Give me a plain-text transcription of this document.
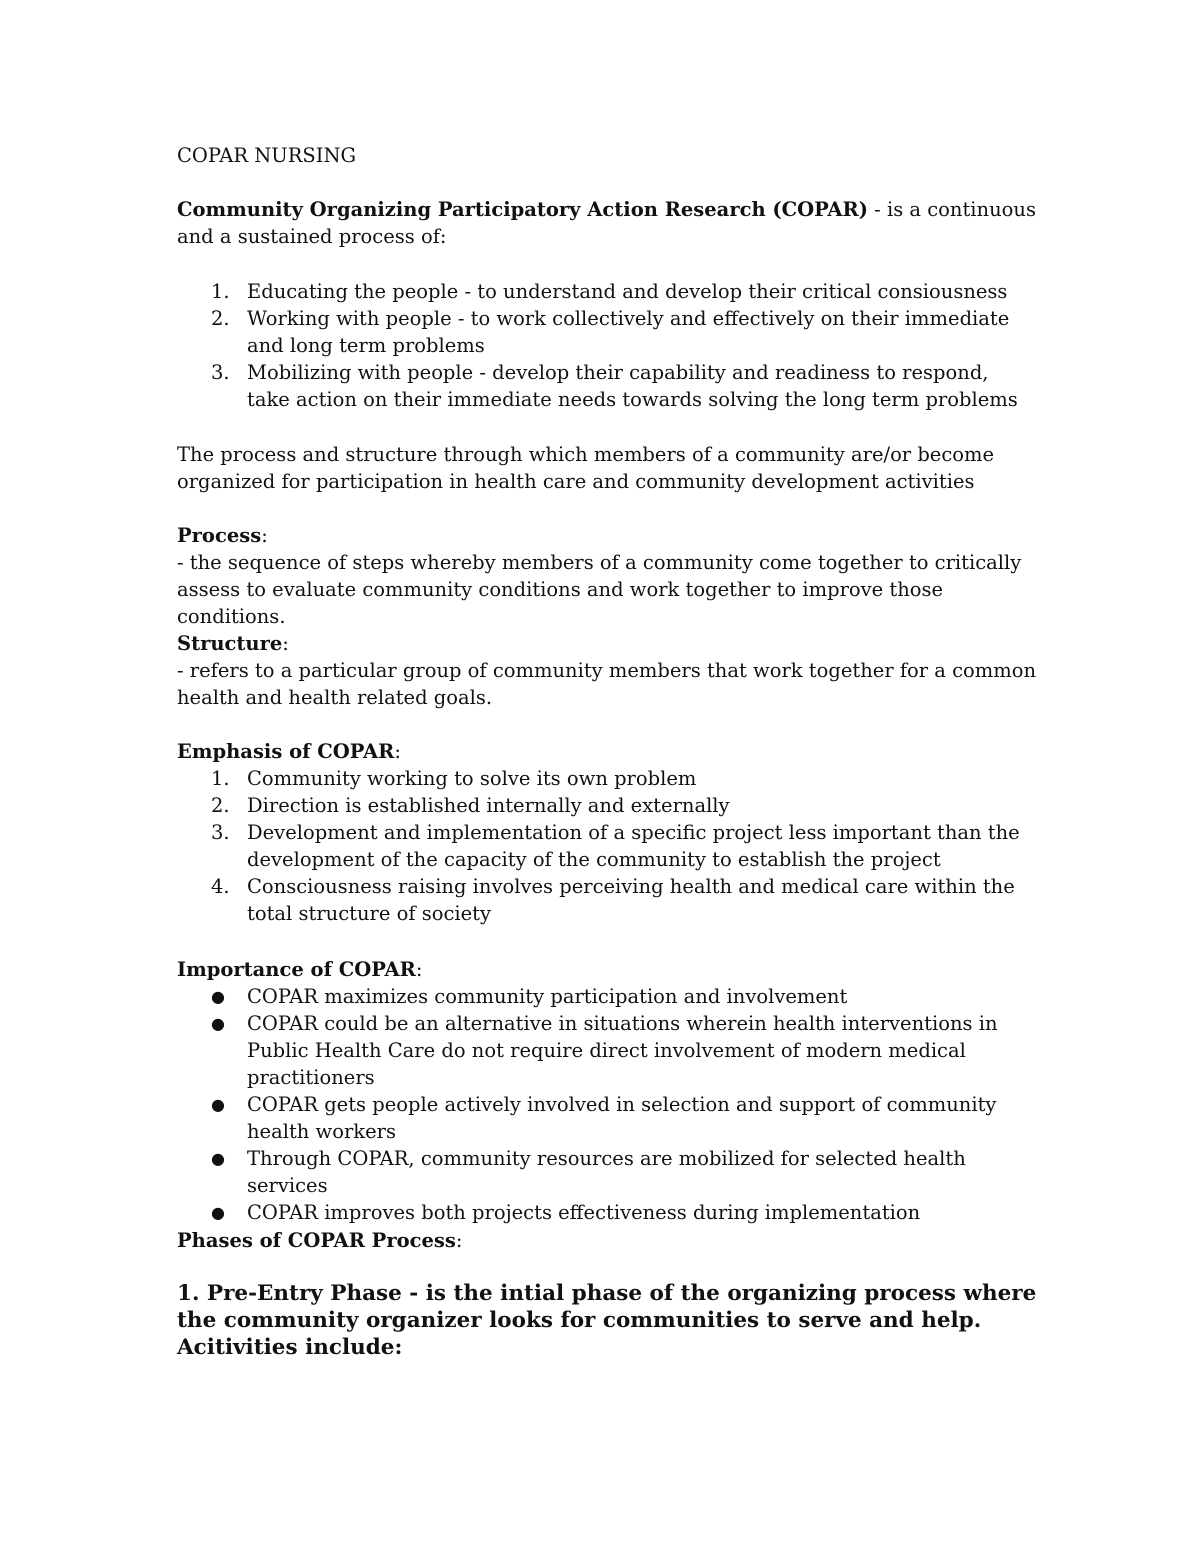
COPAR NURSING

Community Organizing Participatory Action Research (COPAR) - is a continuous and a sustained process of:

1. Educating the people - to understand and develop their critical consiousness
2. Working with people - to work collectively and effectively on their immediate and long term problems
3. Mobilizing with people - develop their capability and readiness to respond, take action on their immediate needs towards solving the long term problems

The process and structure through which members of a community are/or become organized for participation in health care and community development activities

Process:

- the sequence of steps whereby members of a community come together to critically assess to evaluate community conditions and work together to improve those conditions.

Structure:

- refers to a particular group of community members that work together for a common health and health related goals.

Emphasis of COPAR:

1. Community working to solve its own problem
2. Direction is established internally and externally
3. Development and implementation of a specific project less important than the development of the capacity of the community to establish the project
4. Consciousness raising involves perceiving health and medical care within the total structure of society

Importance of COPAR:

● COPAR maximizes community participation and involvement
● COPAR could be an alternative in situations wherein health interventions in Public Health Care do not require direct involvement of modern medical practitioners
● COPAR gets people actively involved in selection and support of community health workers
● Through COPAR, community resources are mobilized for selected health services
● COPAR improves both projects effectiveness during implementation

Phases of COPAR Process:

1. Pre-Entry Phase - is the intial phase of the organizing process where the community organizer looks for communities to serve and help. Acitivities include:
